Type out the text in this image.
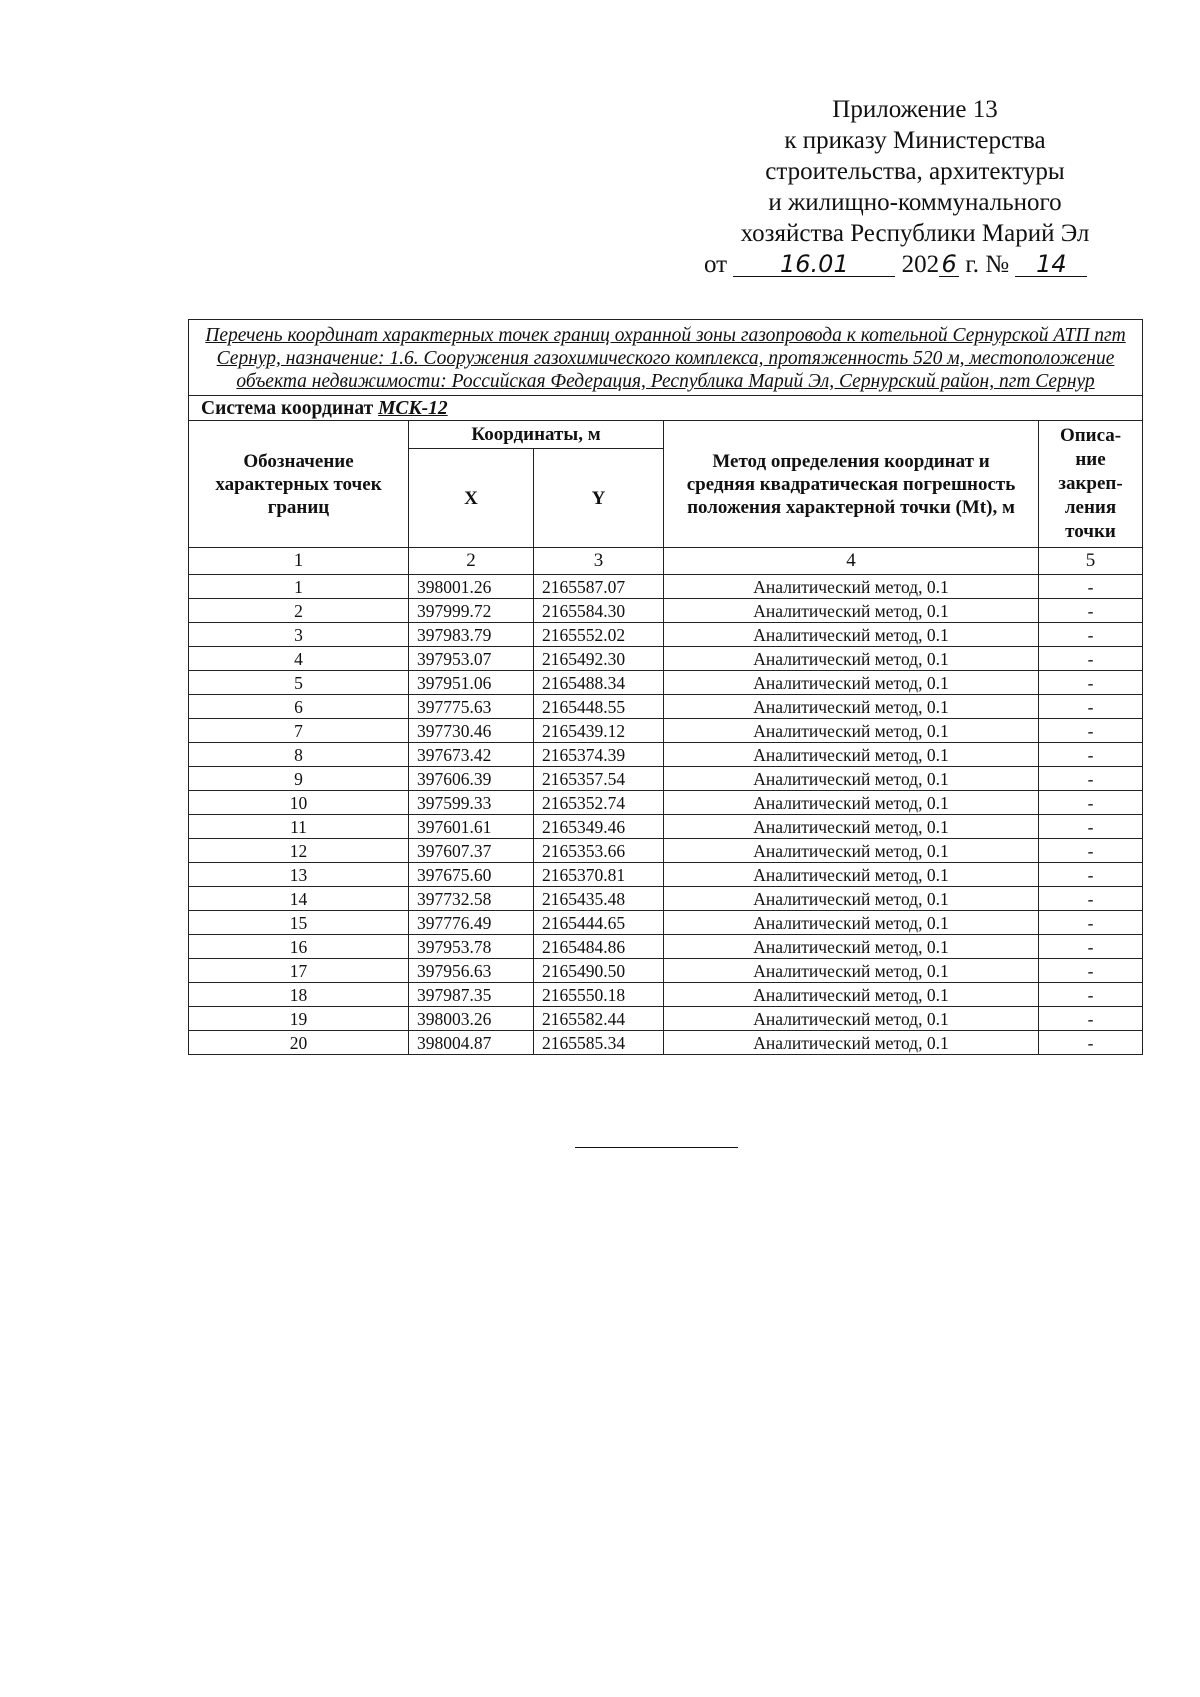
Приложение 13
к приказу Министерства
строительства, архитектуры
и жилищно-коммунального
хозяйства Республики Марий Эл
от 16.01 2026 г. № 14
Перечень координат характерных точек границ охранной зоны газопровода к котельной Сернурской АТП пгт Сернур, назначение: 1.6. Сооружения газохимического комплекса, протяженность 520 м, местоположение объекта недвижимости: Российская Федерация, Республика Марий Эл, Сернурский район, пгт Сернур				
Система координат МСК-12				
Обозначение характерных точек границ	Координаты, м		Метод определения координат и средняя квадратическая погрешность положения характерной точки (Mt), м	Описа-ние закреп-ления точки
	X	Y		
1	2	3	4	5
1	398001.26	2165587.07	Аналитический метод, 0.1	-
2	397999.72	2165584.30	Аналитический метод, 0.1	-
3	397983.79	2165552.02	Аналитический метод, 0.1	-
4	397953.07	2165492.30	Аналитический метод, 0.1	-
5	397951.06	2165488.34	Аналитический метод, 0.1	-
6	397775.63	2165448.55	Аналитический метод, 0.1	-
7	397730.46	2165439.12	Аналитический метод, 0.1	-
8	397673.42	2165374.39	Аналитический метод, 0.1	-
9	397606.39	2165357.54	Аналитический метод, 0.1	-
10	397599.33	2165352.74	Аналитический метод, 0.1	-
11	397601.61	2165349.46	Аналитический метод, 0.1	-
12	397607.37	2165353.66	Аналитический метод, 0.1	-
13	397675.60	2165370.81	Аналитический метод, 0.1	-
14	397732.58	2165435.48	Аналитический метод, 0.1	-
15	397776.49	2165444.65	Аналитический метод, 0.1	-
16	397953.78	2165484.86	Аналитический метод, 0.1	-
17	397956.63	2165490.50	Аналитический метод, 0.1	-
18	397987.35	2165550.18	Аналитический метод, 0.1	-
19	398003.26	2165582.44	Аналитический метод, 0.1	-
20	398004.87	2165585.34	Аналитический метод, 0.1	-
